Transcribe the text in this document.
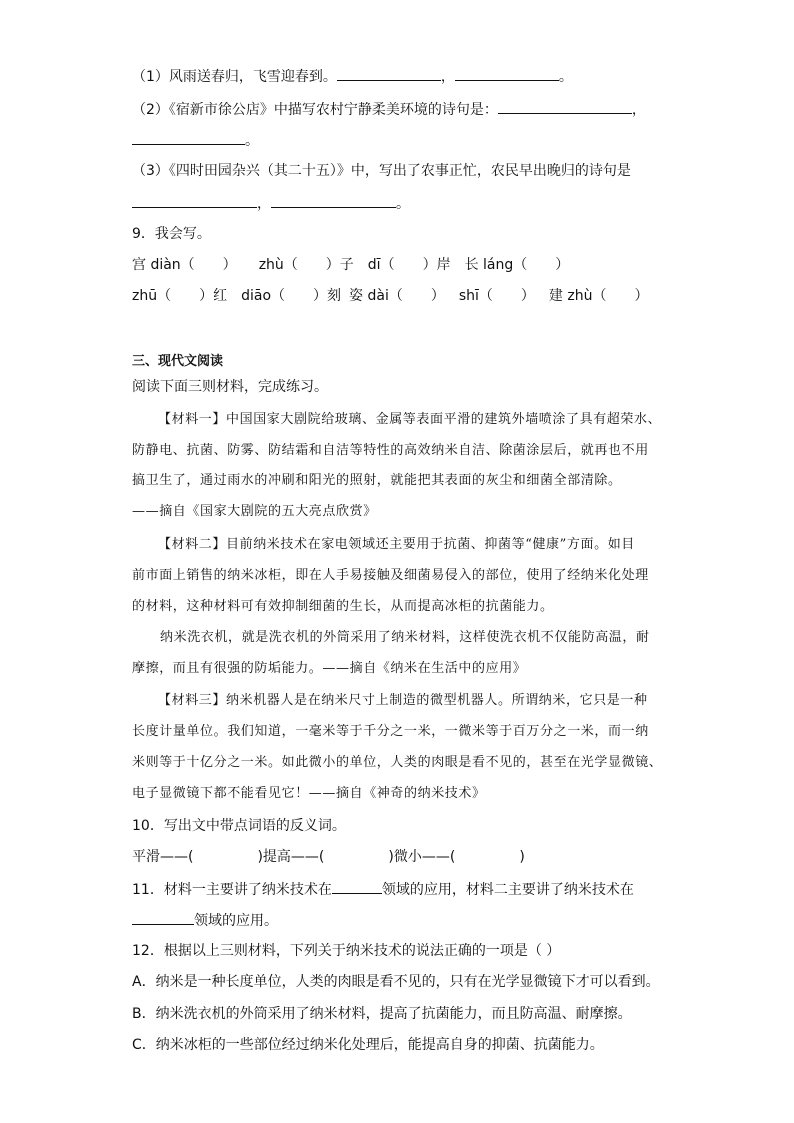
（1）风雨送春归，飞雪迎春到。	，	。
（2）《宿新市徐公店》中描写农村宁静柔美环境的诗句是：	，
。
（3）《四时田园杂兴（其二十五）》中，写出了农事正忙，农民早出晚归的诗句是
，	。
9．我会写。
宫 diàn（　　） zhù（　　）子 dī（　　）岸 长 láng（　　）
zhū（　　）红 diāo（　　）刻 姿 dài（　　） shī（　　） 建 zhù（　　）
三、现代文阅读
阅读下面三则材料，完成练习。
【材料一】中国国家大剧院给玻璃、金属等表面平滑的建筑外墙喷涂了具有超荣水、
防静电、抗菌、防雾、防结霜和自洁等特性的高效纳米自洁、除菌涂层后，就再也不用
搞卫生了，通过雨水的冲刷和阳光的照射，就能把其表面的灰尘和细菌全部清除。
——摘自《国家大剧院的五大亮点欣赏》
【材料二】目前纳米技术在家电领域还主要用于抗菌、抑菌等“健康”方面。如目
前市面上销售的纳米冰柜，即在人手易接触及细菌易侵入的部位，使用了经纳米化处理
的材料，这种材料可有效抑制细菌的生长，从而提高冰柜的抗菌能力。
纳米洗衣机，就是洗衣机的外筒采用了纳米材料，这样使洗衣机不仅能防高温，耐
摩擦，而且有很强的防垢能力。——摘自《纳米在生活中的应用》
【材料三】纳米机器人是在纳米尺寸上制造的微型机器人。所谓纳米，它只是一种
长度计量单位。我们知道，一毫米等于千分之一米，一微米等于百万分之一米，而一纳
米则等于十亿分之一米。如此微小的单位，人类的肉眼是看不见的，甚至在光学显微镜、
电子显微镜下都不能看见它！——摘自《神奇的纳米技术》
10．写出文中带点词语的反义词。
平滑——(	)提高——(	)微小——(	)
11．材料一主要讲了纳米技术在	领域的应用，材料二主要讲了纳米技术在
领域的应用。
12．根据以上三则材料，下列关于纳米技术的说法正确的一项是（ ）
A．纳米是一种长度单位，人类的肉眼是看不见的，只有在光学显微镜下才可以看到。
B．纳米洗衣机的外筒采用了纳米材料，提高了抗菌能力，而且防高温、耐摩擦。
C．纳米冰柜的一些部位经过纳米化处理后，能提高自身的抑菌、抗菌能力。
